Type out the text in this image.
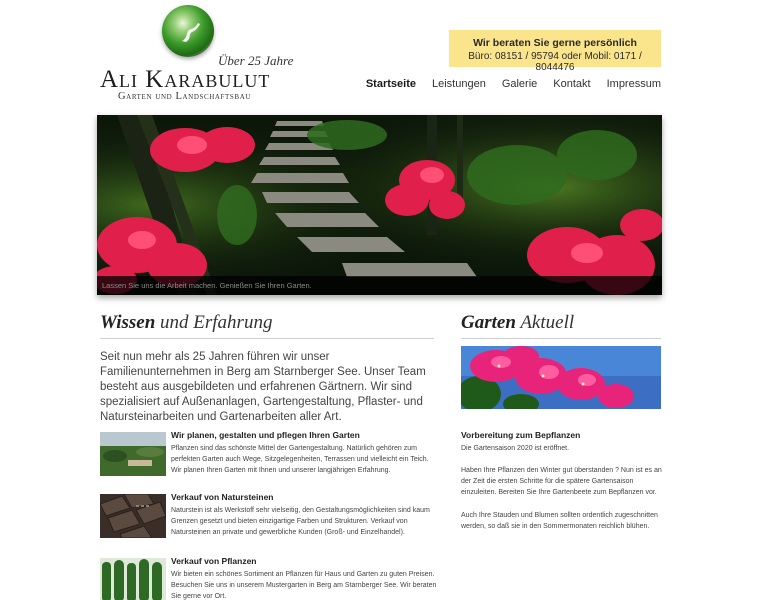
Über 25 Jahre
Ali Karabulut
Garten und Landschaftsbau
Wir beraten Sie gerne persönlich
Büro: 08151 / 95794 oder Mobil: 0171 / 8044476
Startseite Leistungen Galerie Kontakt Impressum
Lassen Sie uns die Arbeit machen. Genießen Sie Ihren Garten.
Wissen und Erfahrung

Seit nun mehr als 25 Jahren führen wir unser Familienunternehmen in Berg am Starnberger See. Unser Team besteht aus ausgebildeten und erfahrenen Gärtnern. Wir sind spezialisiert auf Außenanlagen, Gartengestaltung, Pflaster- und Natursteinarbeiten und Gartenarbeiten aller Art.

Wir planen, gestalten und pflegen Ihren Garten

Pflanzen sind das schönste Mittel der Gartengestaltung. Natürlich gehören zum perfekten Garten auch Wege, Sitzgelegenheiten, Terrassen und vielleicht ein Teich. Wir planen Ihren Garten mit Ihnen und unserer langjährigen Erfahrung.

Verkauf von Natursteinen

Naturstein ist als Werkstoff sehr vielseitig, den Gestaltungsmöglichkeiten sind kaum Grenzen gesetzt und bieten einzigartige Farben und Strukturen. Verkauf von Natursteinen an private und gewerbliche Kunden (Groß- und Einzelhandel).

Verkauf von Pflanzen

Wir bieten ein schönes Sortiment an Pflanzen für Haus und Garten zu guten Preisen. Besuchen Sie uns in unserem Mustergarten in Berg am Starnberger See. Wir beraten Sie gerne vor Ort.

Garten Aktuell
Vorbereitung zum Bepflanzen

Die Gartensaison 2020 ist eröffnet.

Haben Ihre Pflanzen den Winter gut überstanden ? Nun ist es an der Zeit die ersten Schritte für die spätere Gartensaison einzuleiten. Bereiten Sie Ihre Gartenbeete zum Bepflanzen vor.

Auch Ihre Stauden und Blumen sollten ordentlich zugeschnitten werden, so daß sie in den Sommermonaten reichlich blühen.
